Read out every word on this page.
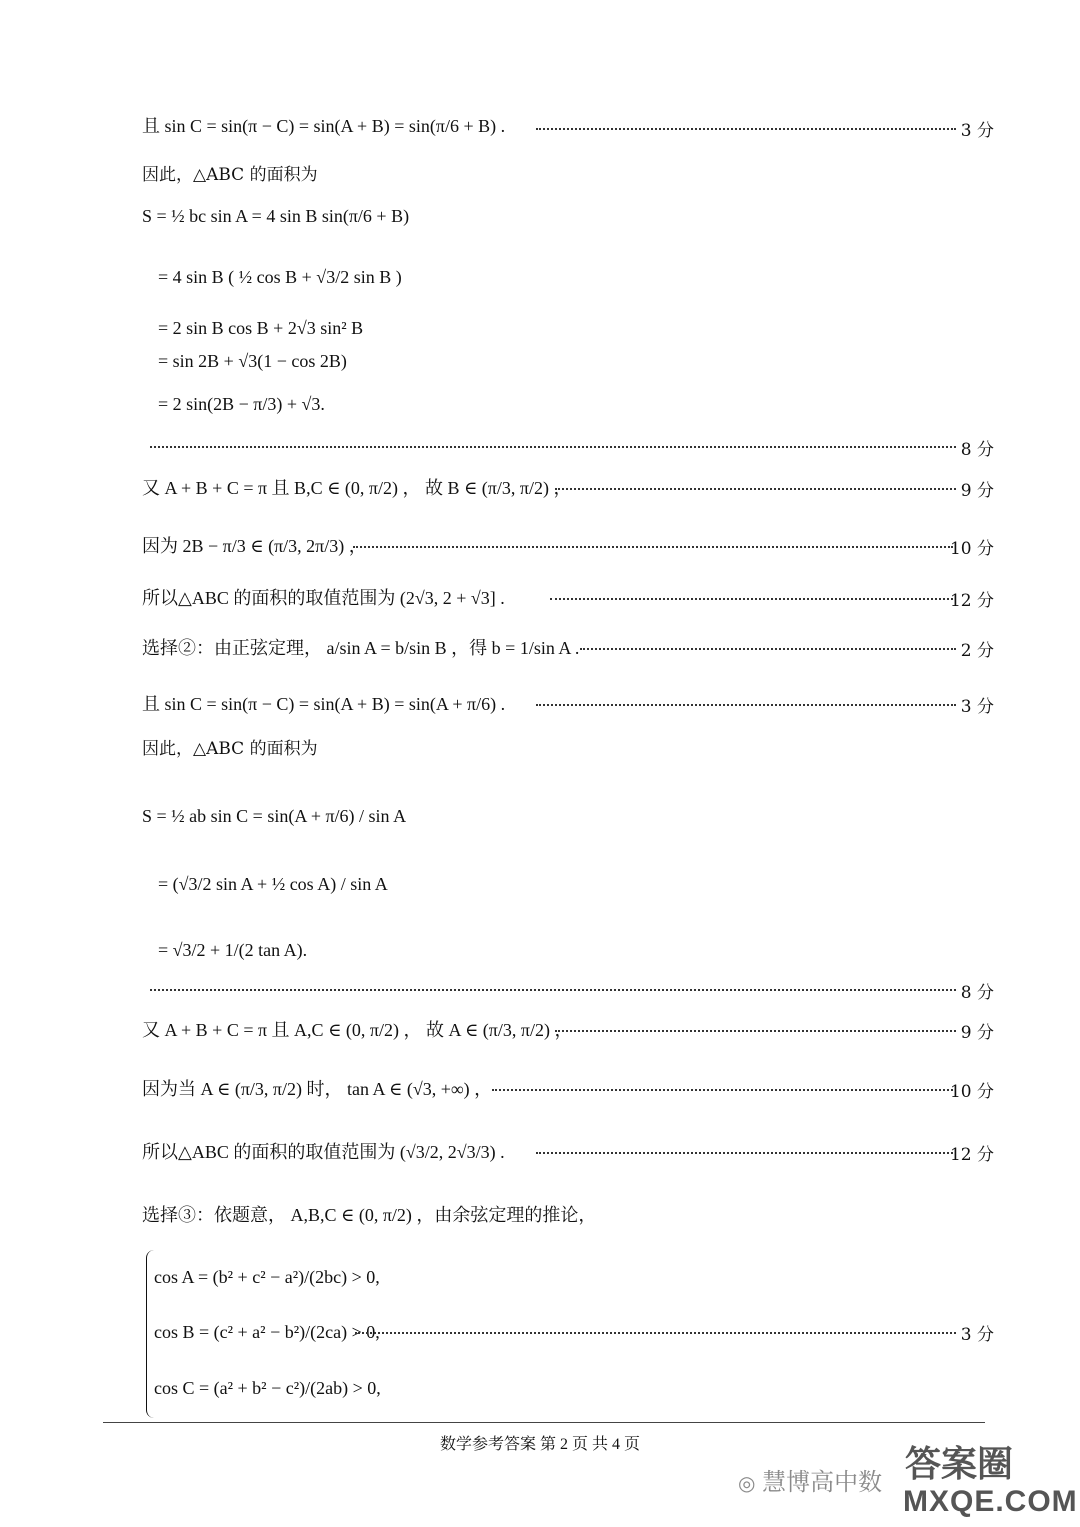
且 sin C = sin(π − C) = sin(A + B) = sin(π/6 + B) .	3 分
因此，△ABC 的面积为
S = ½ bc sin A = 4 sin B sin(π/6 + B)
= 4 sin B ( ½ cos B + √3/2 sin B )
= 2 sin B cos B + 2√3 sin² B
= sin 2B + √3(1 − cos 2B)
= 2 sin(2B − π/3) + √3.
8 分
又 A + B + C = π 且 B,C ∈ (0, π/2) ， 故 B ∈ (π/3, π/2) ，	9 分
因为 2B − π/3 ∈ (π/3, 2π/3) ，	10 分
所以△ABC 的面积的取值范围为 (2√3, 2 + √3] .	12 分
选择②：由正弦定理， a/sin A = b/sin B ，得 b = 1/sin A .	2 分
且 sin C = sin(π − C) = sin(A + B) = sin(A + π/6) .	3 分
因此，△ABC 的面积为
S = ½ ab sin C = sin(A + π/6) / sin A
= (√3/2 sin A + ½ cos A) / sin A
= √3/2 + 1/(2 tan A).
8 分
又 A + B + C = π 且 A,C ∈ (0, π/2) ， 故 A ∈ (π/3, π/2) ，	9 分
因为当 A ∈ (π/3, π/2) 时， tan A ∈ (√3, +∞) ，	10 分
所以△ABC 的面积的取值范围为 (√3/2, 2√3/3) .	12 分
选择③：依题意， A,B,C ∈ (0, π/2) ，由余弦定理的推论，
cos A = (b² + c² − a²)/(2bc) > 0,
cos B = (c² + a² − b²)/(2ca) > 0,	3 分
cos C = (a² + b² − c²)/(2ab) > 0,
数学参考答案 第 2 页 共 4 页
◎ 慧博高中数 答案圈
MXQE.COM
